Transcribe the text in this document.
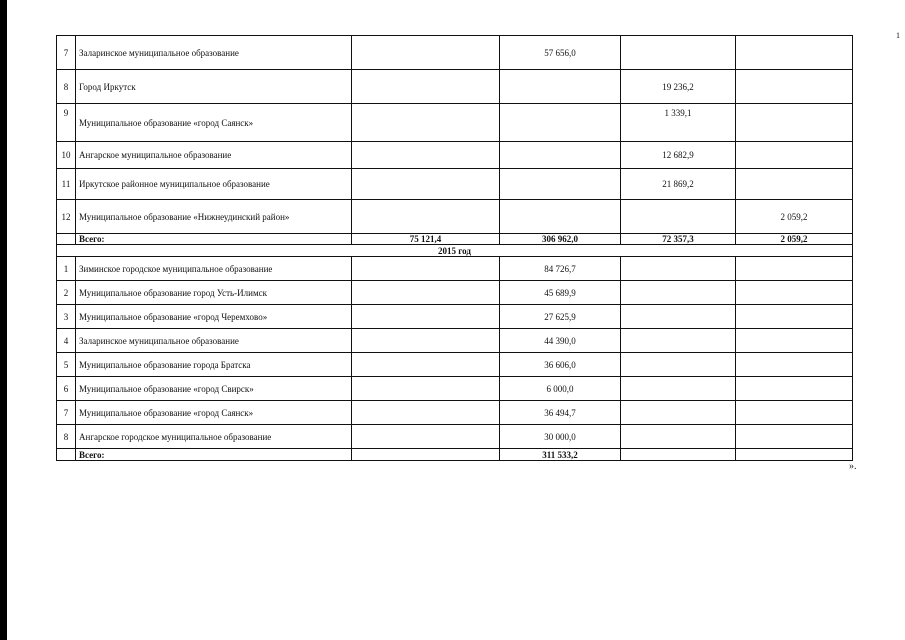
1
7	Заларинское муниципальное образование		57 656,0		
8	Город Иркутск			19 236,2	
9	Муниципальное образование «город Саянск»			1 339,1	
10	Ангарское муниципальное образование			12 682,9	
11	Иркутское районное муниципальное образование			21 869,2	
12	Муниципальное образование «Нижнеудинский район»				2 059,2
	Всего:	75 121,4	306 962,0	72 357,3	2 059,2
2015 год					
1	Зиминское городское муниципальное образование		84 726,7		
2	Муниципальное образование город Усть-Илимск		45 689,9		
3	Муниципальное образование «город Черемхово»		27 625,9		
4	Заларинское муниципальное образование		44 390,0		
5	Муниципальное образование города Братска		36 606,0		
6	Муниципальное образование «город Свирск»		6 000,0		
7	Муниципальное образование «город Саянск»		36 494,7		
8	Ангарское городское муниципальное образование		30 000,0		
	Всего:		311 533,2		
».
